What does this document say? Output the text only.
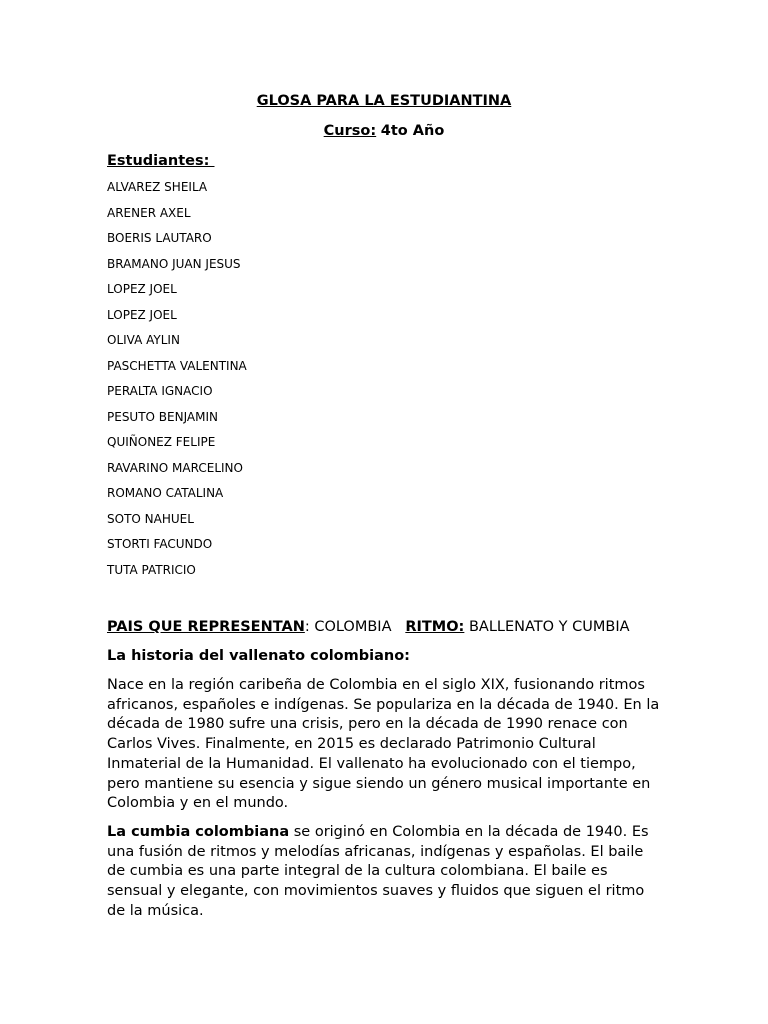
GLOSA PARA LA ESTUDIANTINA
Curso: 4to Año
Estudiantes:
ALVAREZ SHEILA
ARENER AXEL
BOERIS LAUTARO
BRAMANO JUAN JESUS
LOPEZ JOEL
LOPEZ JOEL
OLIVA AYLIN
PASCHETTA VALENTINA
PERALTA IGNACIO
PESUTO BENJAMIN
QUIÑONEZ FELIPE
RAVARINO MARCELINO
ROMANO CATALINA
SOTO NAHUEL
STORTI FACUNDO
TUTA PATRICIO
PAIS QUE REPRESENTAN: COLOMBIA   RITMO: BALLENATO Y CUMBIA
La historia del vallenato colombiano:

Nace en la región caribeña de Colombia en el siglo XIX, fusionando ritmos africanos, españoles e indígenas. Se populariza en la década de 1940. En la década de 1980 sufre una crisis, pero en la década de 1990 renace con Carlos Vives. Finalmente, en 2015 es declarado Patrimonio Cultural Inmaterial de la Humanidad. El vallenato ha evolucionado con el tiempo, pero mantiene su esencia y sigue siendo un género musical importante en Colombia y en el mundo.

La cumbia colombiana se originó en Colombia en la década de 1940. Es una fusión de ritmos y melodías africanas, indígenas y españolas. El baile de cumbia es una parte integral de la cultura colombiana. El baile es sensual y elegante, con movimientos suaves y fluidos que siguen el ritmo de la música.
